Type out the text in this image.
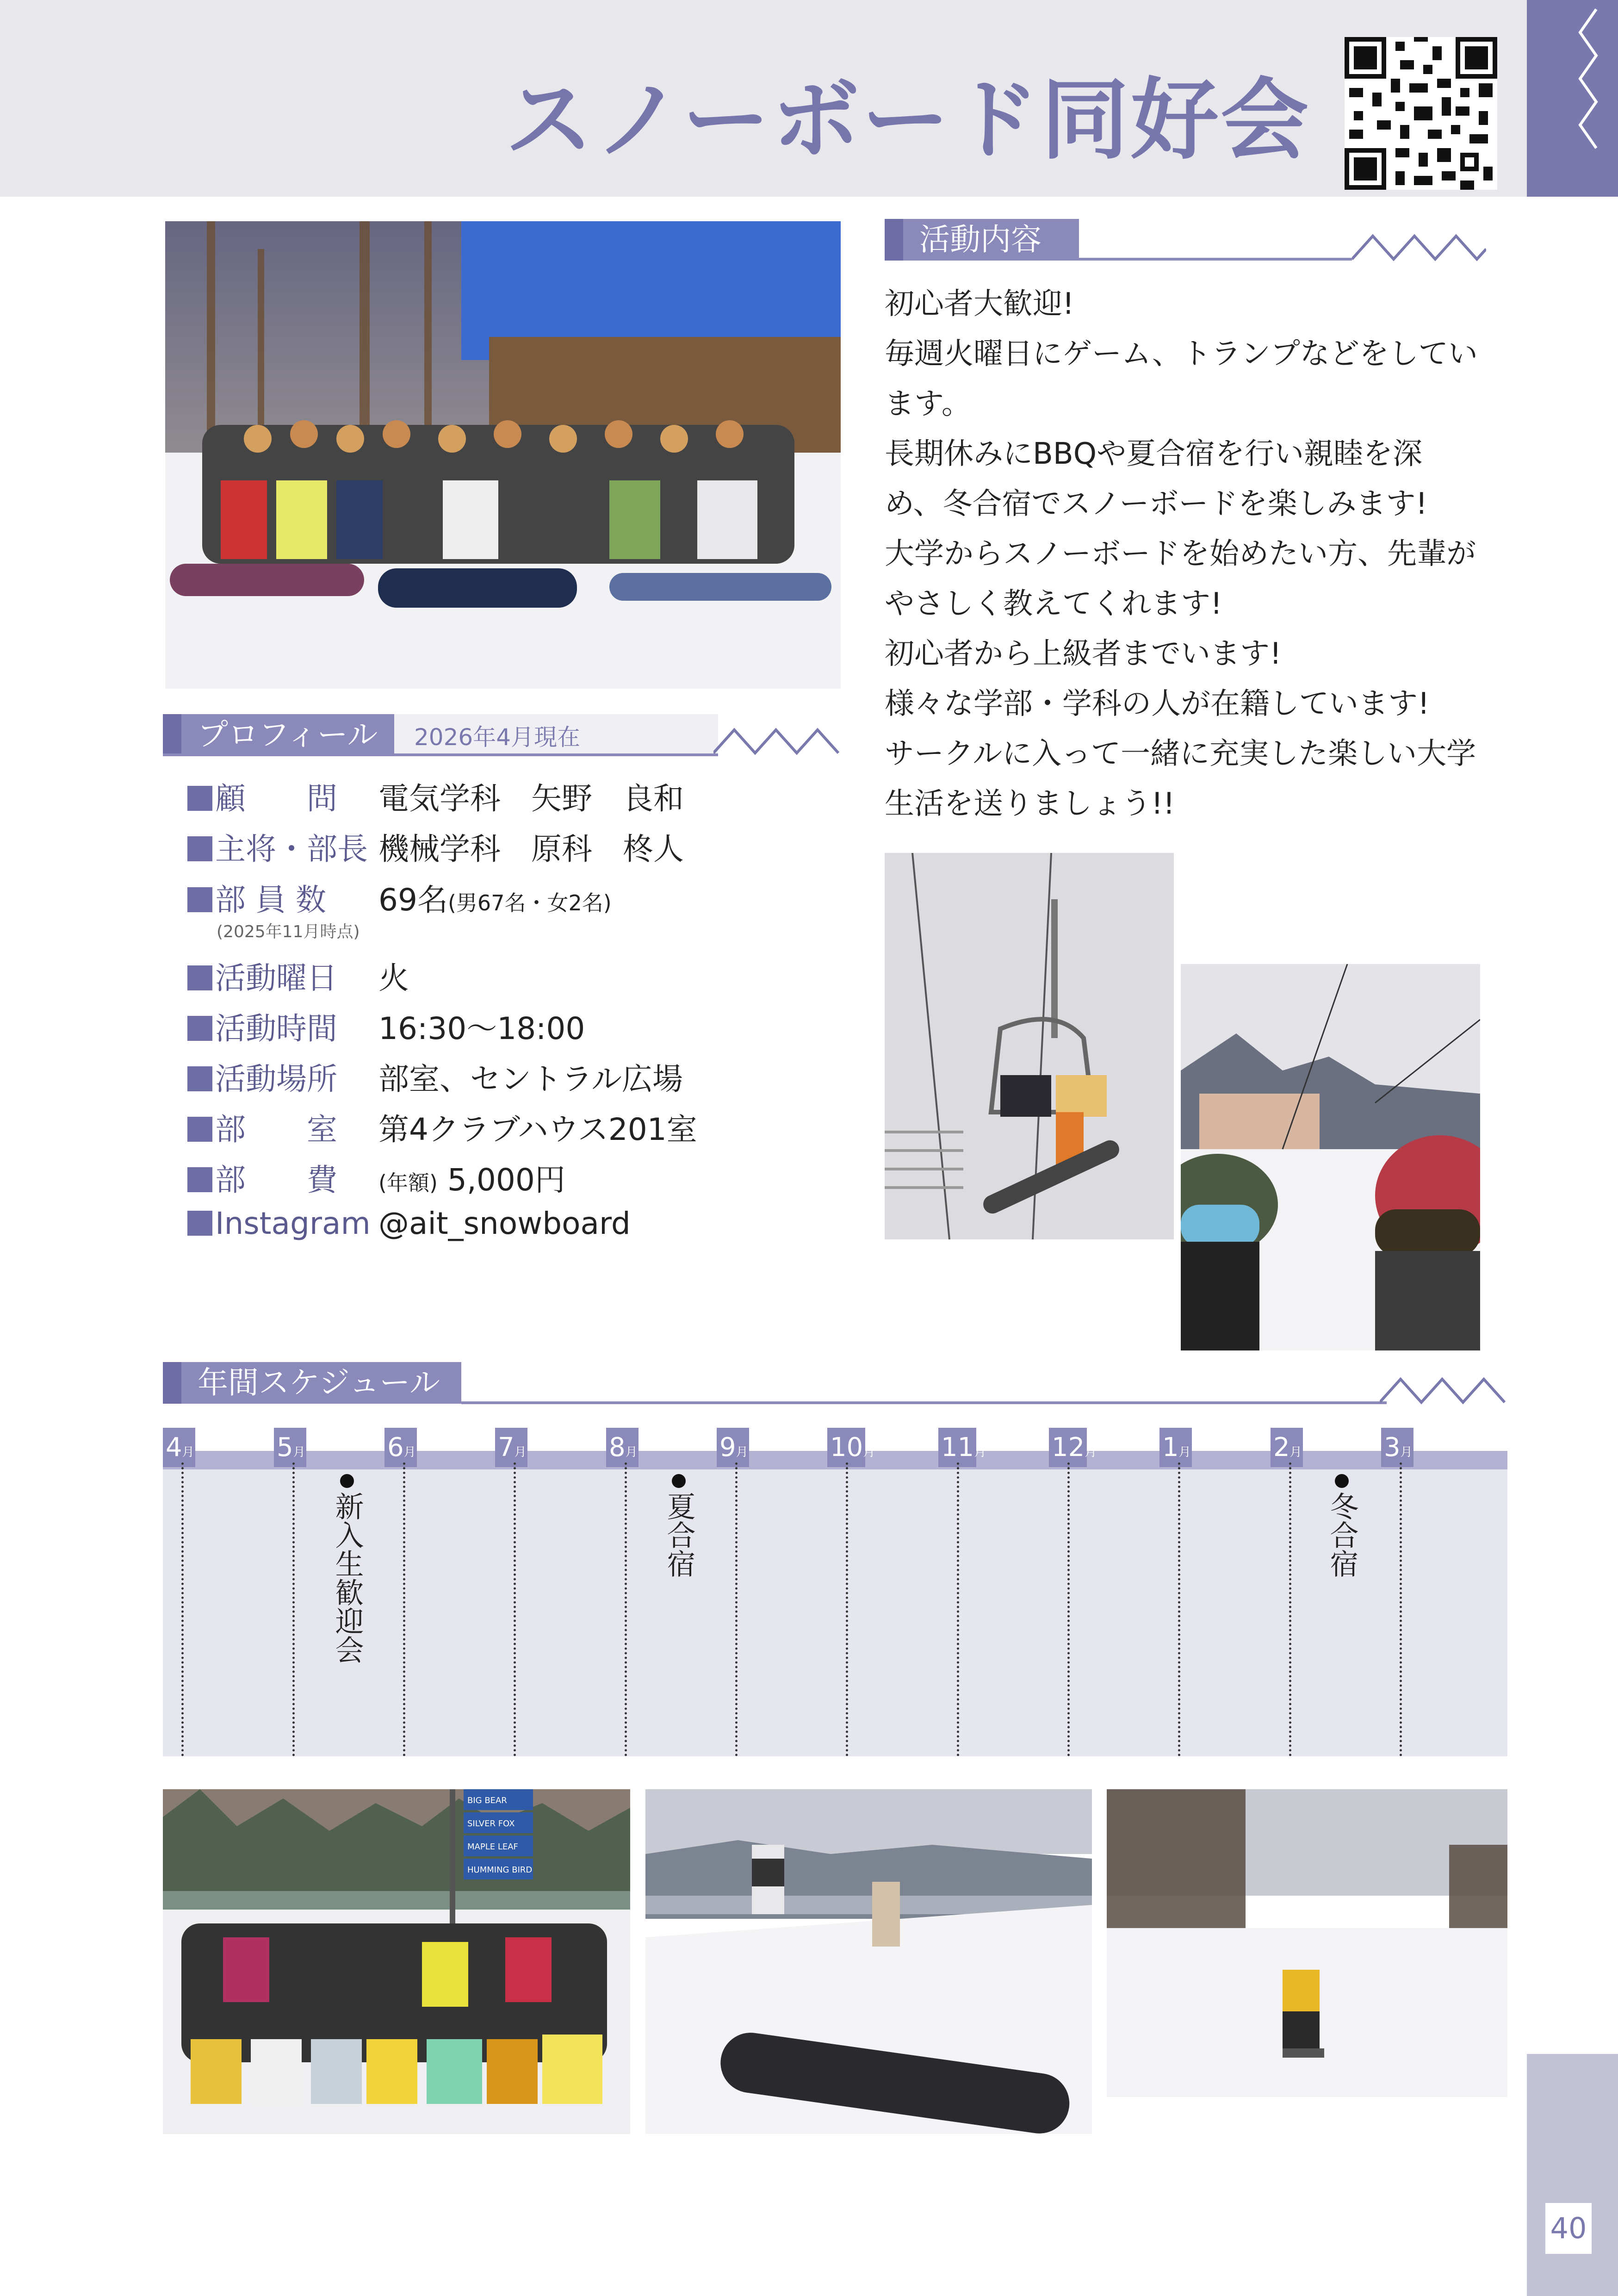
スノーボード同好会
40
活動内容

初心者大歓迎!

毎週火曜日にゲーム、トランプなどをしてい

ます。

長期休みにBBQや夏合宿を行い親睦を深

め、冬合宿でスノーボードを楽しみます!

大学からスノーボードを始めたい方、先輩が

やさしく教えてくれます!

初心者から上級者までいます!

様々な学部・学科の人が在籍しています!

サークルに入って一緒に充実した楽しい大学

生活を送りましょう!!

プロフィール	2026年4月現在
顧　　問 電気学科　矢野　良和
主将・部長 機械学科　原科　柊人
部 員 数	69名(男67名・女2名)
(2025年11月時点)
活動曜日 火
活動時間 16:30〜18:00
活動場所 部室、セントラル広場
部　　室 第4クラブハウス201室
部　　費 (年額) 5,000円
Instagram @ait_snowboard
年間スケジュール
4月	5月	6月	7月	8月	9月	10月	11月	12月	1月	2月	3月
新入生歓迎会	夏合宿	冬合宿
BIG BEAR
SILVER FOX
MAPLE LEAF
HUMMING BIRD
